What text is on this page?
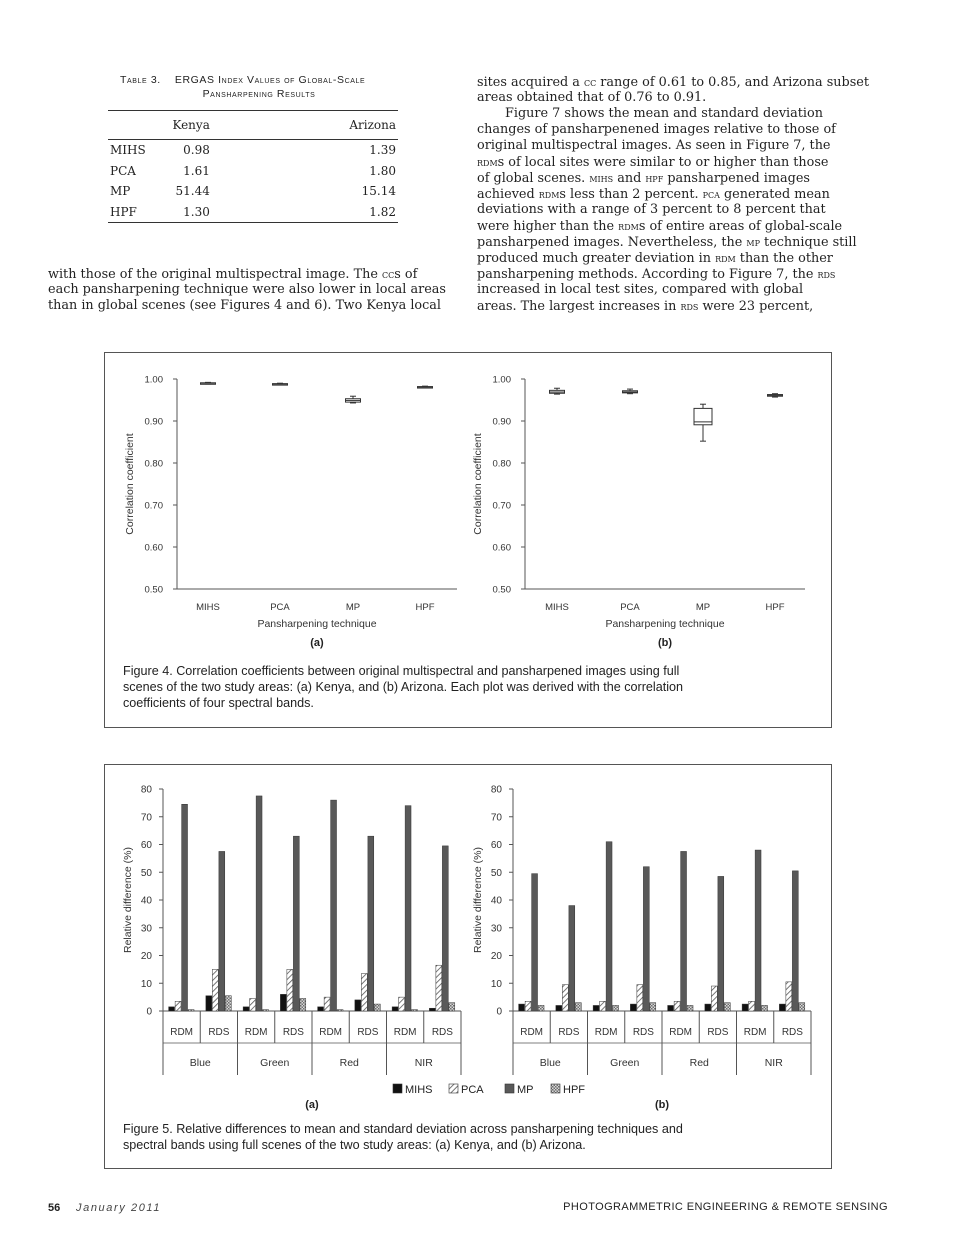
Table 3. ERGAS Index Values of Global-Scale
Pansharpening Results
	Kenya	Arizona
MIHS	0.98	1.39
PCA	1.61	1.80
MP	51.44	15.14
HPF	1.30	1.82
sites acquired a cc range of 0.61 to 0.85, and Arizona subset
areas obtained that of 0.76 to 0.91.
Figure 7 shows the mean and standard deviation
changes of pansharpenened images relative to those of
original multispectral images. As seen in Figure 7, the
rdms of local sites were similar to or higher than those
of global scenes. mihs and hpf pansharpened images
achieved rdms less than 2 percent. pca generated mean
deviations with a range of 3 percent to 8 percent that
were higher than the rdms of entire areas of global-scale
pansharpened images. Nevertheless, the mp technique still
produced much greater deviation in rdm than the other
pansharpening methods. According to Figure 7, the rds
increased in local test sites, compared with global
areas. The largest increases in rds were 23 percent,
with those of the original multispectral image. The ccs of
each pansharpening technique were also lower in local areas
than in global scenes (see Figures 4 and 6). Two Kenya local
0.50
0.60
0.70
0.80
0.90
1.00
Correlation coefficient
MIHS	PCA	MP	HPF
Pansharpening technique
(a)
0.50
0.60
0.70
0.80
0.90
1.00
Correlation coefficient
MIHS	PCA	MP	HPF
Pansharpening technique
(b)
Figure 4. Correlation coefficients between original multispectral and pansharpened images using full
scenes of the two study areas: (a) Kenya, and (b) Arizona. Each plot was derived with the correlation
coefficients of four spectral bands.
0
10
20
30
40
50
60
70
80
Relative difference (%)
RDM RDS RDM RDS RDM RDS RDM RDS
Blue	Green	Red	NIR
(a)
0
10
20
30
40
50
60
70
80
Relative difference (%)
RDM RDS RDM RDS RDM RDS RDM RDS
Blue	Green	Red	NIR
(b)
MIHS	PCA	MP	HPF
Figure 5. Relative differences to mean and standard deviation across pansharpening techniques and
spectral bands using full scenes of the two study areas: (a) Kenya, and (b) Arizona.
56 January 2011	PHOTOGRAMMETRIC ENGINEERING & REMOTE SENSING
